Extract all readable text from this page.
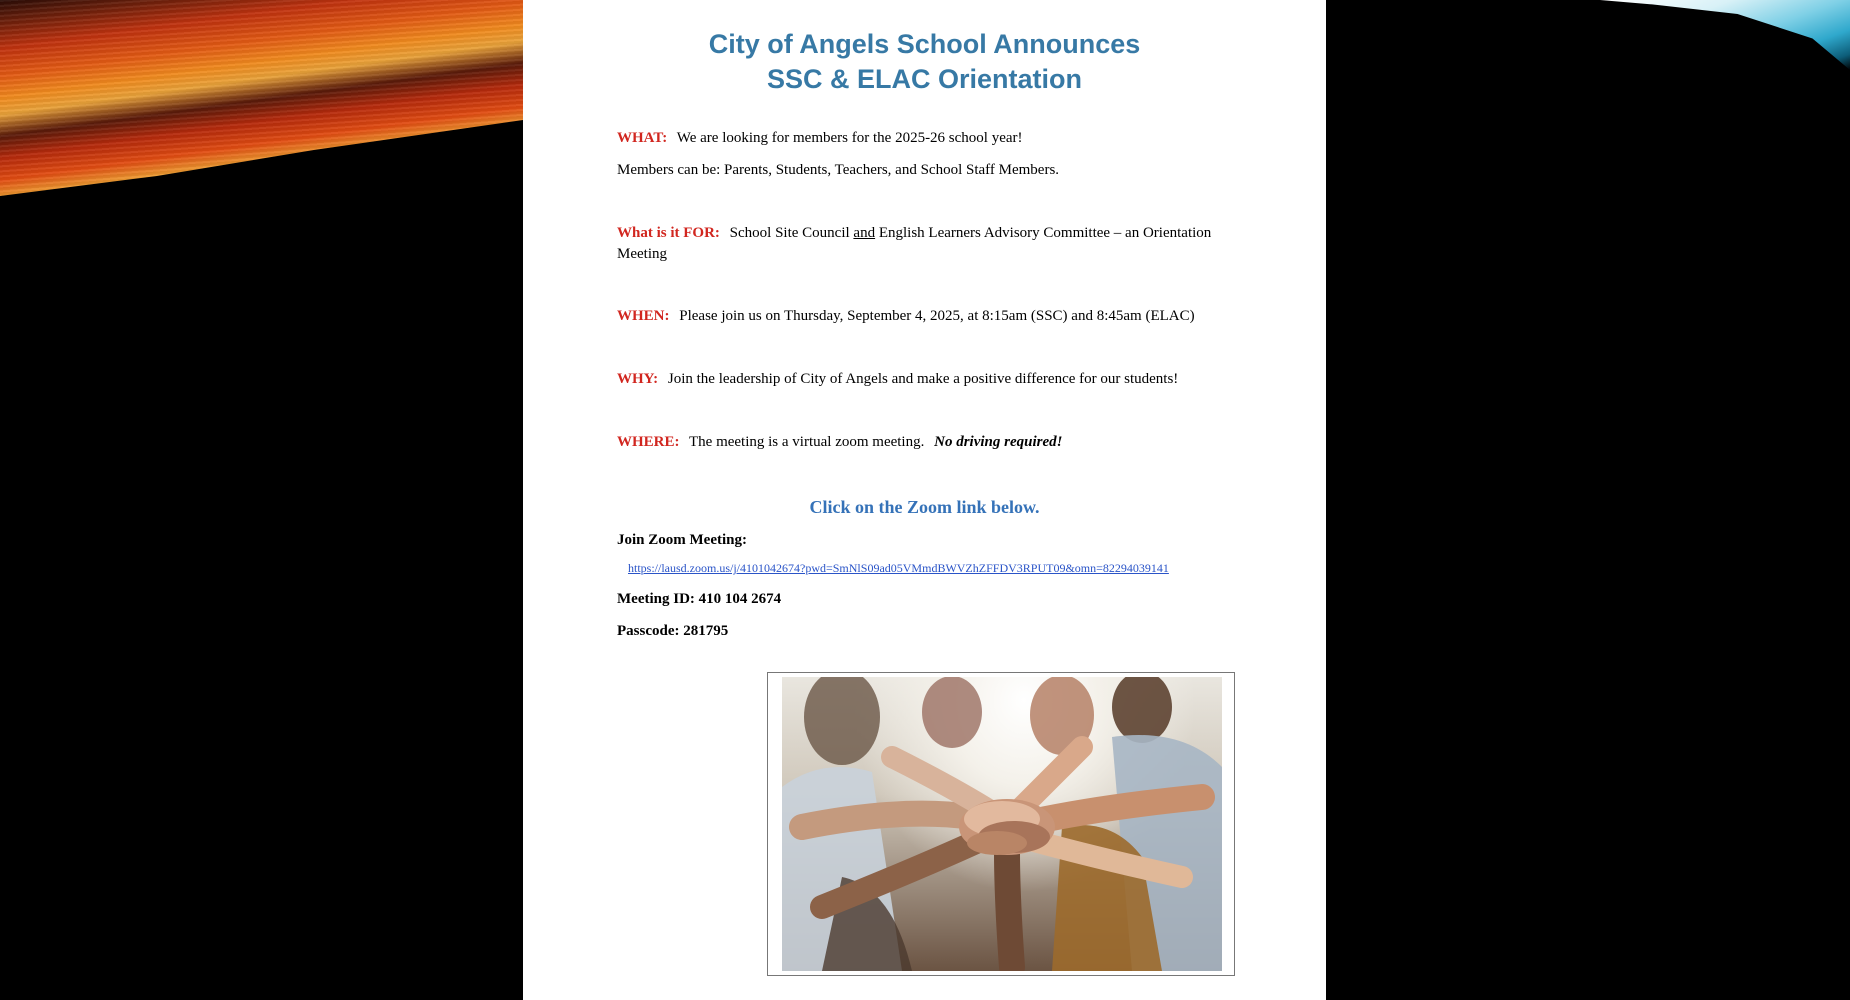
City of Angels School Announces
SSC & ELAC Orientation
WHAT: We are looking for members for the 2025-26 school year!
Members can be: Parents, Students, Teachers, and School Staff Members.
What is it FOR: School Site Council and English Learners Advisory Committee – an Orientation Meeting
WHEN: Please join us on Thursday, September 4, 2025, at 8:15am (SSC) and 8:45am (ELAC)
WHY: Join the leadership of City of Angels and make a positive difference for our students!
WHERE: The meeting is a virtual zoom meeting. No driving required!
Click on the Zoom link below.
Join Zoom Meeting:
https://lausd.zoom.us/j/4101042674?pwd=SmNlS09ad05VMmdBWVZhZFFDV3RPUT09&omn=82294039141
Meeting ID: 410 104 2674
Passcode: 281795
